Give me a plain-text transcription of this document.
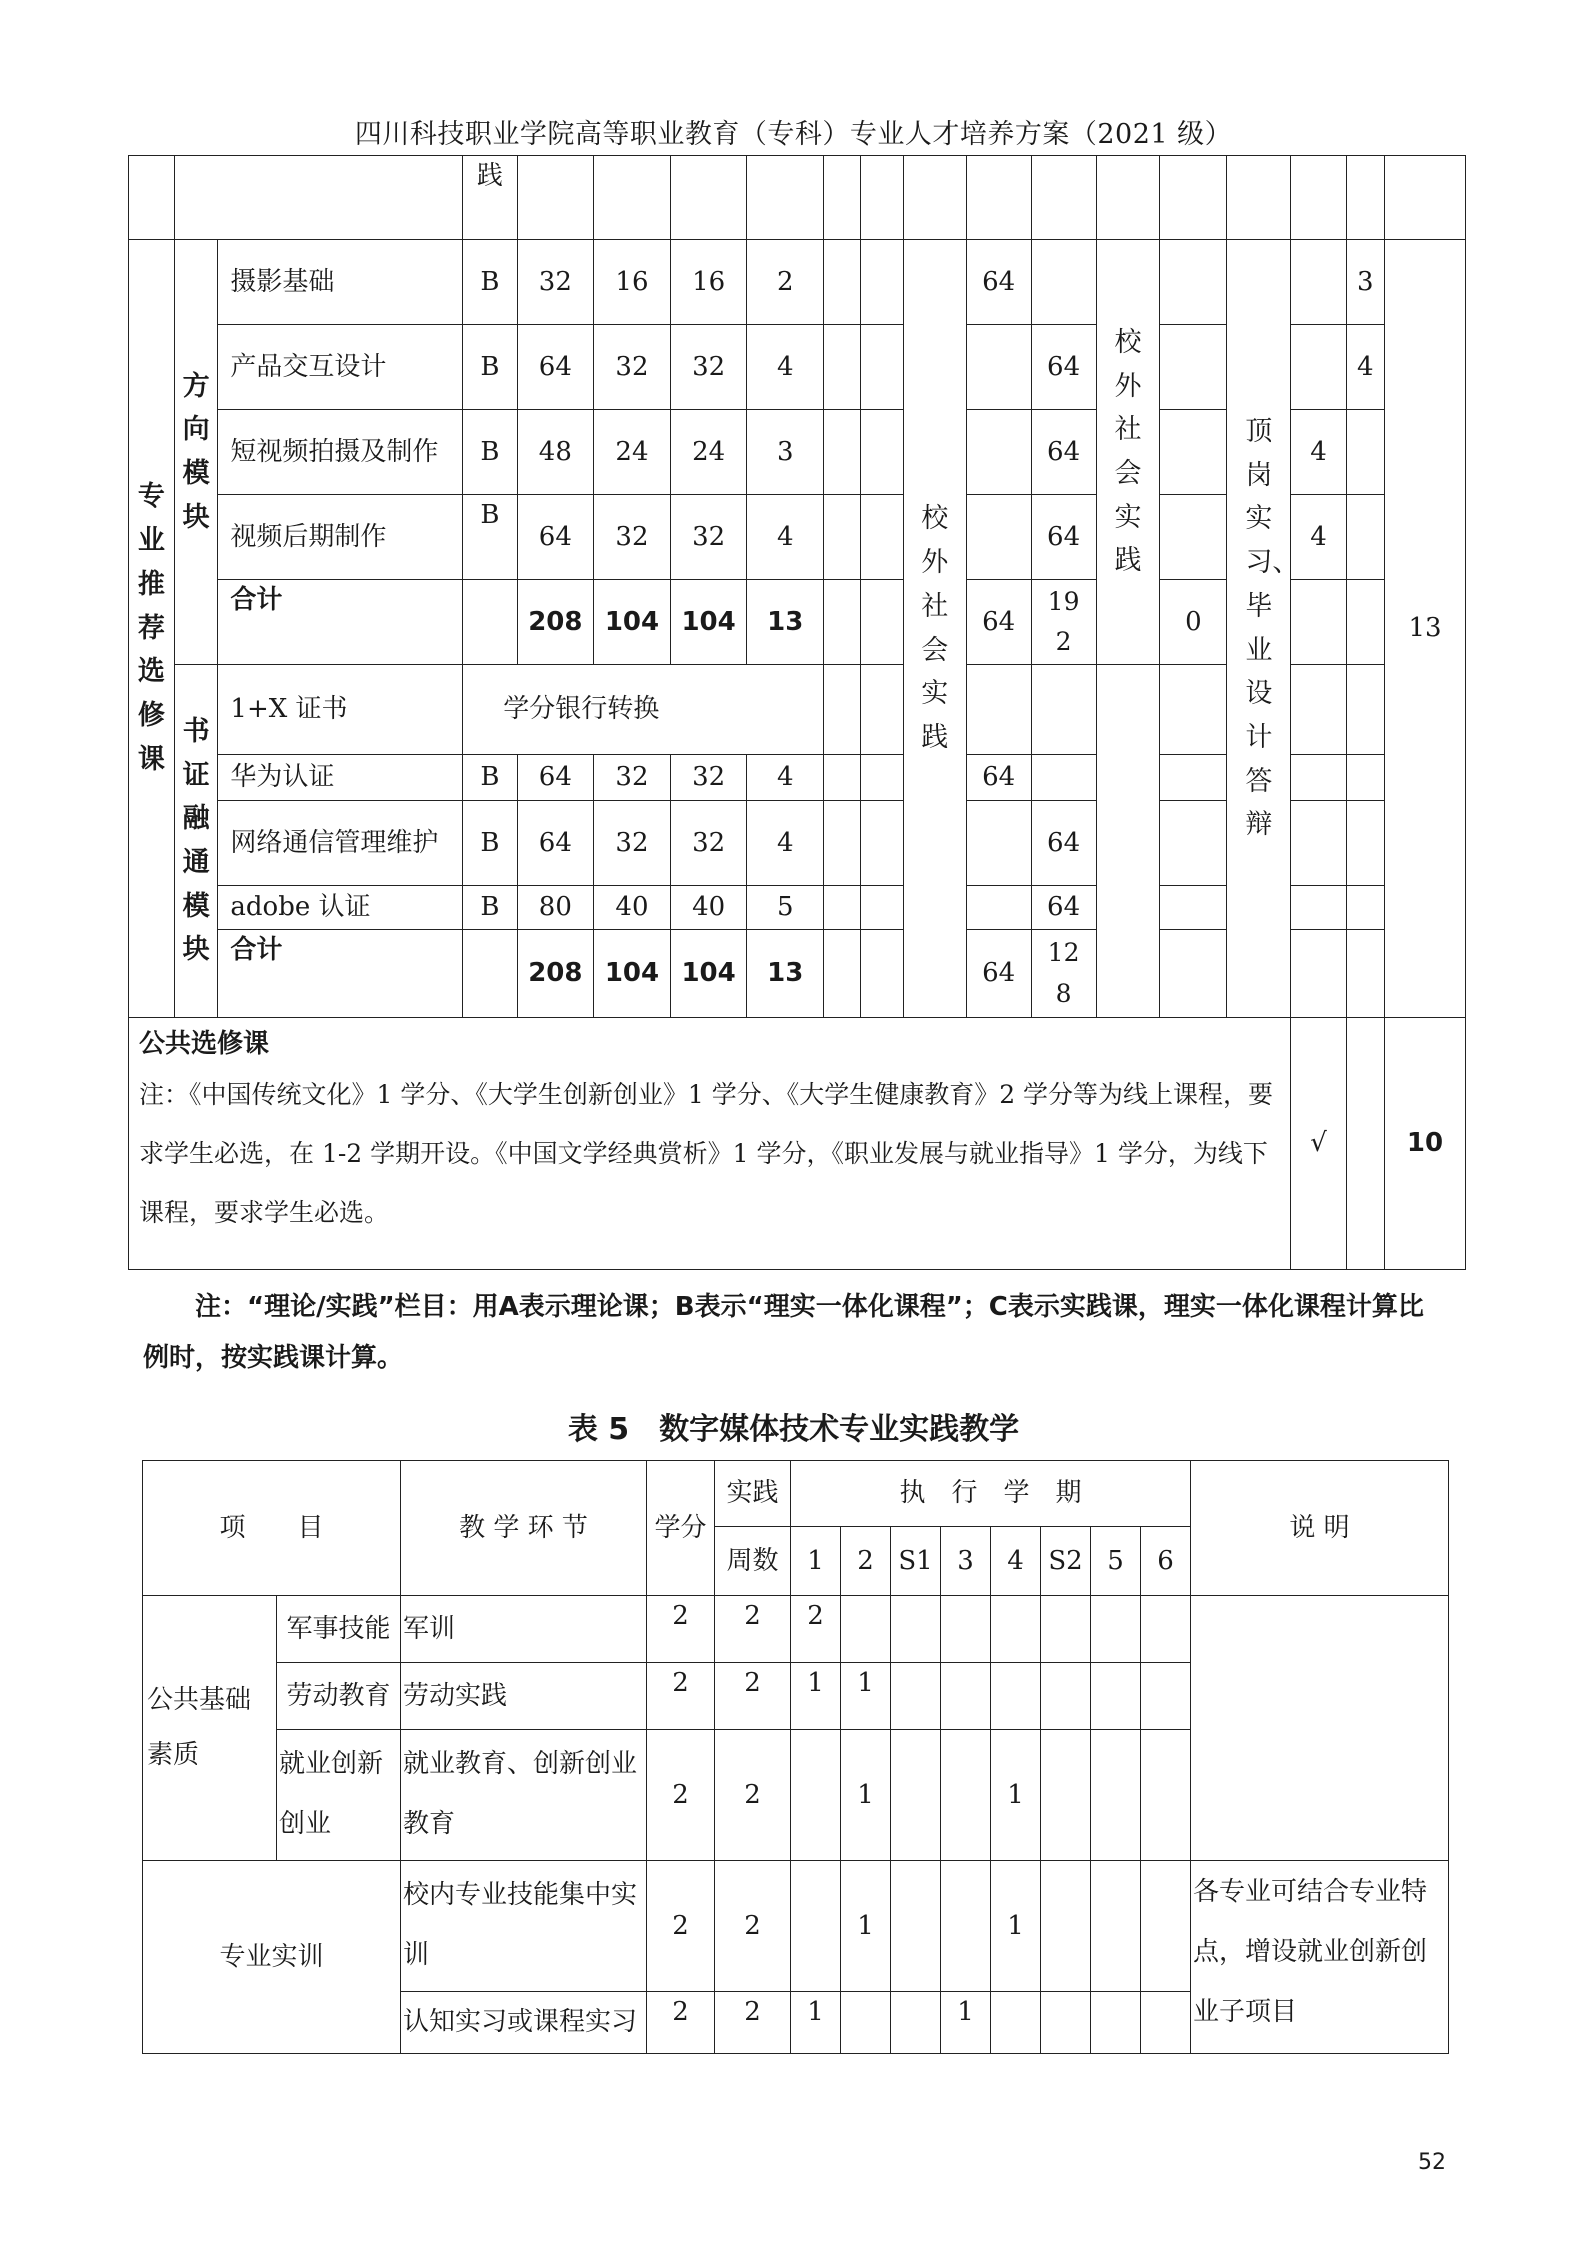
四川科技职业学院高等职业教育（专科）专业人才培养方案（2021 级）
			践															
专业推荐选修课	方向模块	摄影基础	B	32	16	16	2			校外社会实践	64		校外社会实践		顶岗实习、毕业设计答辩		3	13
		产品交互设计	B	64	32	32	4					64					4	
		短视频拍摄及制作	B	48	24	24	3					64				4		
		视频后期制作	B	64	32	32	4					64				4		
		合计		208	104	104	13				64	192		0				
	书证融通模块	1+X 证书	学分银行转换															
		华为认证	B	64	32	32	4				64							
		网络通信管理维护	B	64	32	32	4					64						
		adobe 认证	B	80	40	40	5					64						
		合计		208	104	104	13				64	128						

公共选修课
注：《中国传统文化》1 学分、《大学生创新创业》1 学分、《大学生健康教育》2 学分等为线上课程，要求学生必选，在 1-2 学期开设。《中国文学经典赏析》1 学分，《职业发展与就业指导》1 学分，为线下课程，要求学生必选。																√		10
注：“理论/实践”栏目：用A表示理论课；B表示“理实一体化课程”；C表示实践课，理实一体化课程计算比例时，按实践课计算。
表 5　数字媒体技术专业实践教学
项　　目		教 学 环 节	学分	实践	执　行　学　期								说 明
				周数	1	2	S1	3	4	S2	5	6	
公共基础素质	军事技能	军训	2	2	2								
	劳动教育	劳动实践	2	2	1	1							
	就业创新创业	就业教育、创新创业教育	2	2		1			1				
专业实训		校内专业技能集中实训	2	2		1			1				各专业可结合专业特点，增设就业创新创业子项目
		认知实习或课程实习	2	2	1			1					
52
